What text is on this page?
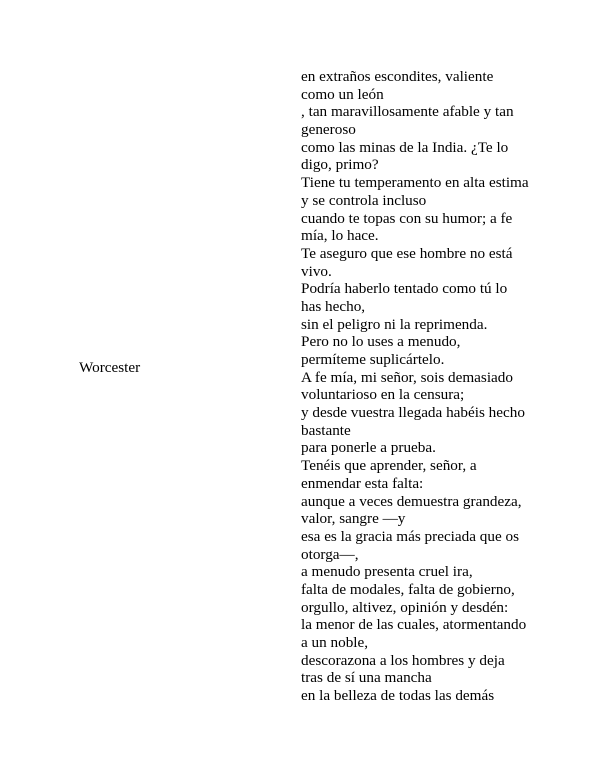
Worcester
en extraños escondites, valiente
como un león
, tan maravillosamente afable y tan
generoso
como las minas de la India. ¿Te lo
digo, primo?
Tiene tu temperamento en alta estima
y se controla incluso
cuando te topas con su humor; a fe
mía, lo hace.
Te aseguro que ese hombre no está
vivo.
Podría haberlo tentado como tú lo
has hecho,
sin el peligro ni la reprimenda.
Pero no lo uses a menudo,
permíteme suplicártelo.
A fe mía, mi señor, sois demasiado
voluntarioso en la censura;
y desde vuestra llegada habéis hecho
bastante
para ponerle a prueba.
Tenéis que aprender, señor, a
enmendar esta falta:
aunque a veces demuestra grandeza,
valor, sangre —y
esa es la gracia más preciada que os
otorga—,
a menudo presenta cruel ira,
falta de modales, falta de gobierno,
orgullo, altivez, opinión y desdén:
la menor de las cuales, atormentando
a un noble,
descorazona a los hombres y deja
tras de sí una mancha
en la belleza de todas las demás
